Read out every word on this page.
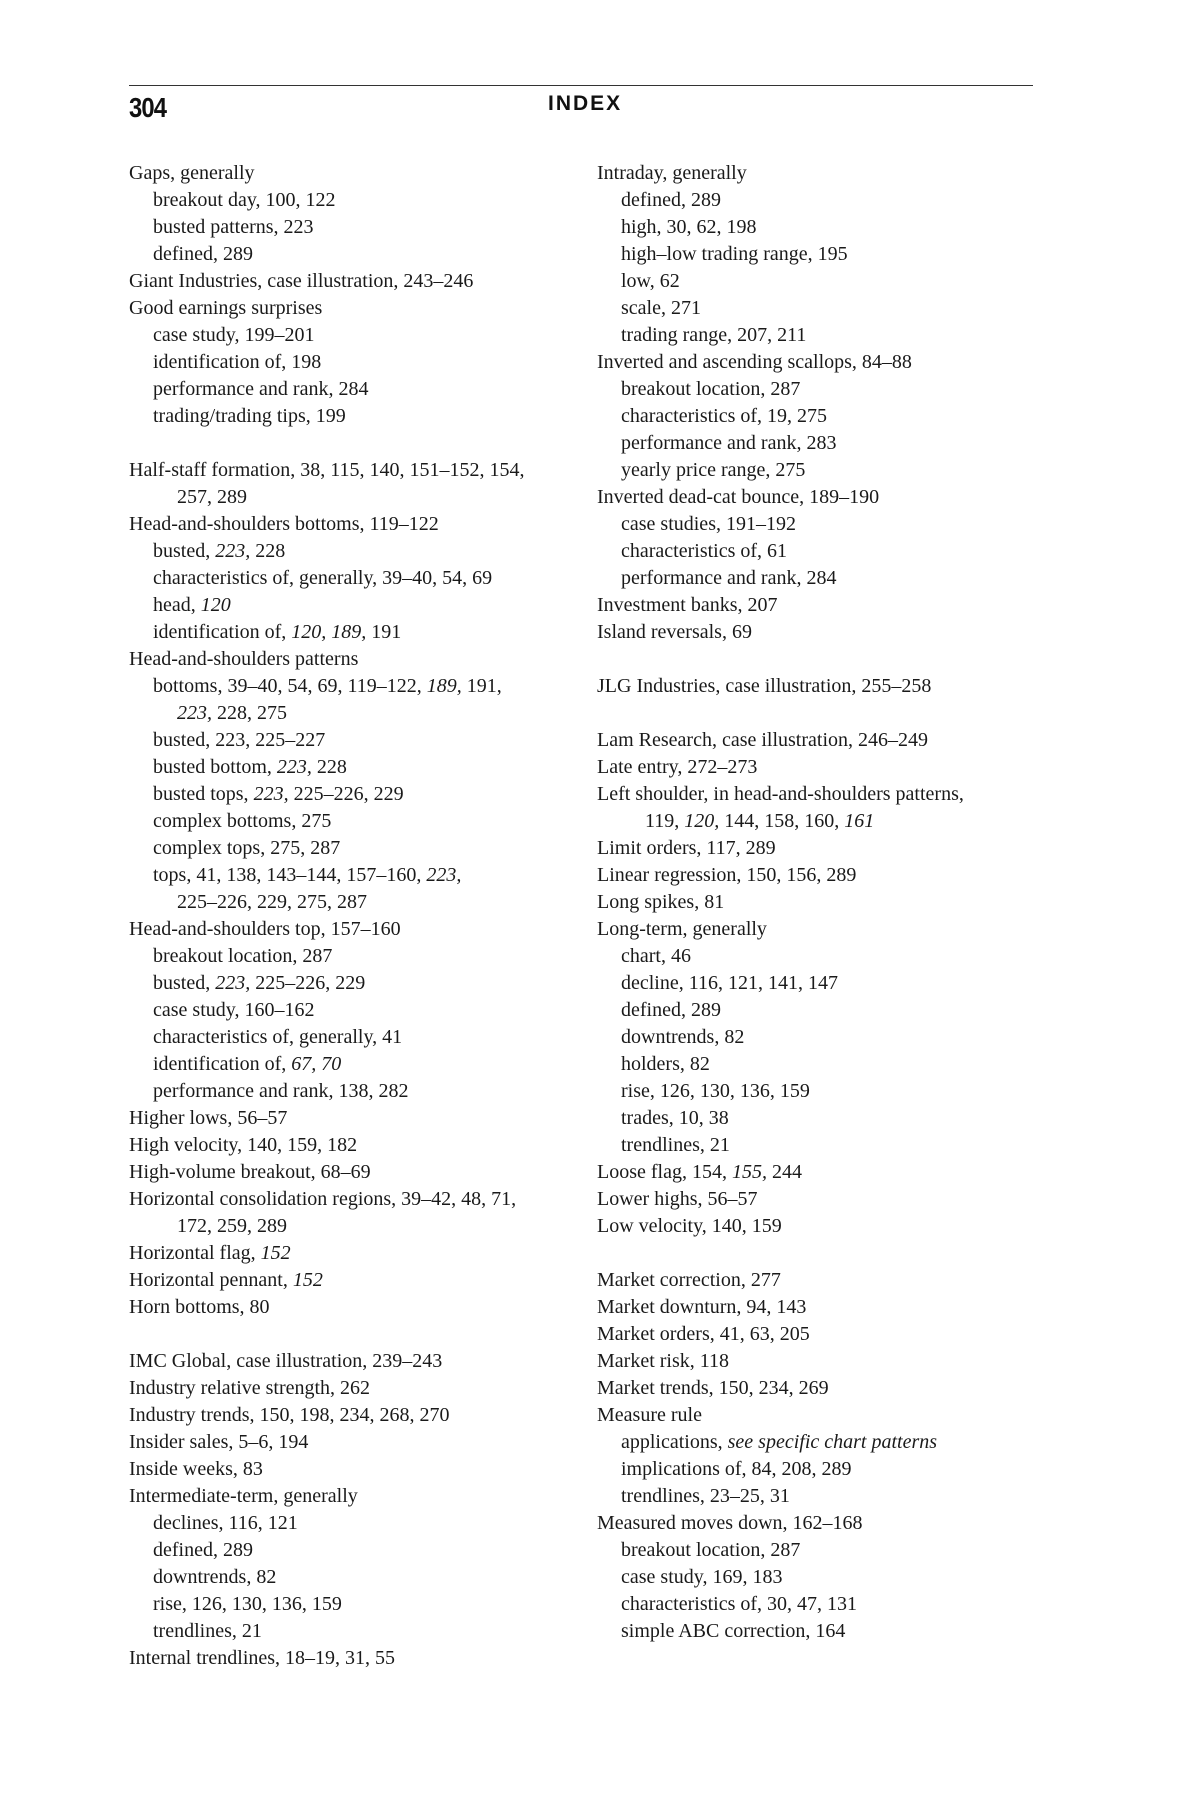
304	INDEX
Gaps, generally
breakout day, 100, 122
busted patterns, 223
defined, 289
Giant Industries, case illustration, 243–246
Good earnings surprises
case study, 199–201
identification of, 198
performance and rank, 284
trading/trading tips, 199
Half-staff formation, 38, 115, 140, 151–152, 154,
257, 289
Head-and-shoulders bottoms, 119–122
busted, 223, 228
characteristics of, generally, 39–40, 54, 69
head, 120
identification of, 120, 189, 191
Head-and-shoulders patterns
bottoms, 39–40, 54, 69, 119–122, 189, 191,
223, 228, 275
busted, 223, 225–227
busted bottom, 223, 228
busted tops, 223, 225–226, 229
complex bottoms, 275
complex tops, 275, 287
tops, 41, 138, 143–144, 157–160, 223,
225–226, 229, 275, 287
Head-and-shoulders top, 157–160
breakout location, 287
busted, 223, 225–226, 229
case study, 160–162
characteristics of, generally, 41
identification of, 67, 70
performance and rank, 138, 282
Higher lows, 56–57
High velocity, 140, 159, 182
High-volume breakout, 68–69
Horizontal consolidation regions, 39–42, 48, 71,
172, 259, 289
Horizontal flag, 152
Horizontal pennant, 152
Horn bottoms, 80
IMC Global, case illustration, 239–243
Industry relative strength, 262
Industry trends, 150, 198, 234, 268, 270
Insider sales, 5–6, 194
Inside weeks, 83
Intermediate-term, generally
declines, 116, 121
defined, 289
downtrends, 82
rise, 126, 130, 136, 159
trendlines, 21
Internal trendlines, 18–19, 31, 55
Intraday, generally
defined, 289
high, 30, 62, 198
high–low trading range, 195
low, 62
scale, 271
trading range, 207, 211
Inverted and ascending scallops, 84–88
breakout location, 287
characteristics of, 19, 275
performance and rank, 283
yearly price range, 275
Inverted dead-cat bounce, 189–190
case studies, 191–192
characteristics of, 61
performance and rank, 284
Investment banks, 207
Island reversals, 69
JLG Industries, case illustration, 255–258
Lam Research, case illustration, 246–249
Late entry, 272–273
Left shoulder, in head-and-shoulders patterns,
119, 120, 144, 158, 160, 161
Limit orders, 117, 289
Linear regression, 150, 156, 289
Long spikes, 81
Long-term, generally
chart, 46
decline, 116, 121, 141, 147
defined, 289
downtrends, 82
holders, 82
rise, 126, 130, 136, 159
trades, 10, 38
trendlines, 21
Loose flag, 154, 155, 244
Lower highs, 56–57
Low velocity, 140, 159
Market correction, 277
Market downturn, 94, 143
Market orders, 41, 63, 205
Market risk, 118
Market trends, 150, 234, 269
Measure rule
applications, see specific chart patterns
implications of, 84, 208, 289
trendlines, 23–25, 31
Measured moves down, 162–168
breakout location, 287
case study, 169, 183
characteristics of, 30, 47, 131
simple ABC correction, 164
